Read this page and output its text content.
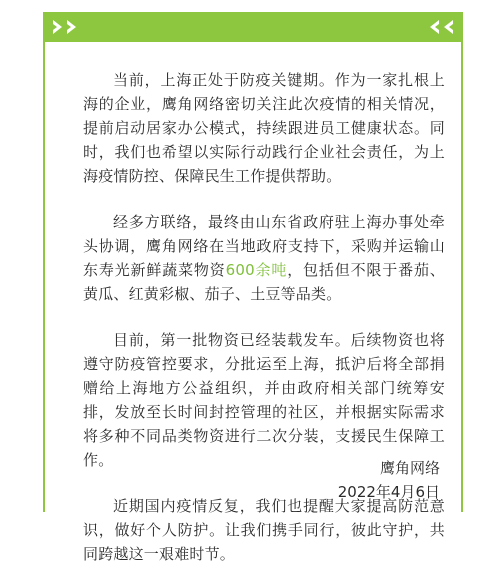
当前，上海正处于防疫关键期。作为一家扎根上海的企业，鹰角网络密切关注此次疫情的相关情况，提前启动居家办公模式，持续跟进员工健康状态。同时，我们也希望以实际行动践行企业社会责任，为上海疫情防控、保障民生工作提供帮助。

经多方联络，最终由山东省政府驻上海办事处牵头协调，鹰角网络在当地政府支持下，采购并运输山东寿光新鲜蔬菜物资600余吨，包括但不限于番茄、黄瓜、红黄彩椒、茄子、土豆等品类。

目前，第一批物资已经装载发车。后续物资也将遵守防疫管控要求，分批运至上海，抵沪后将全部捐赠给上海地方公益组织，并由政府相关部门统筹安排，发放至长时间封控管理的社区，并根据实际需求将多种不同品类物资进行二次分装，支援民生保障工作。

近期国内疫情反复，我们也提醒大家提高防范意识，做好个人防护。让我们携手同行，彼此守护，共同跨越这一艰难时节。

鹰角网络
2022年4月6日
